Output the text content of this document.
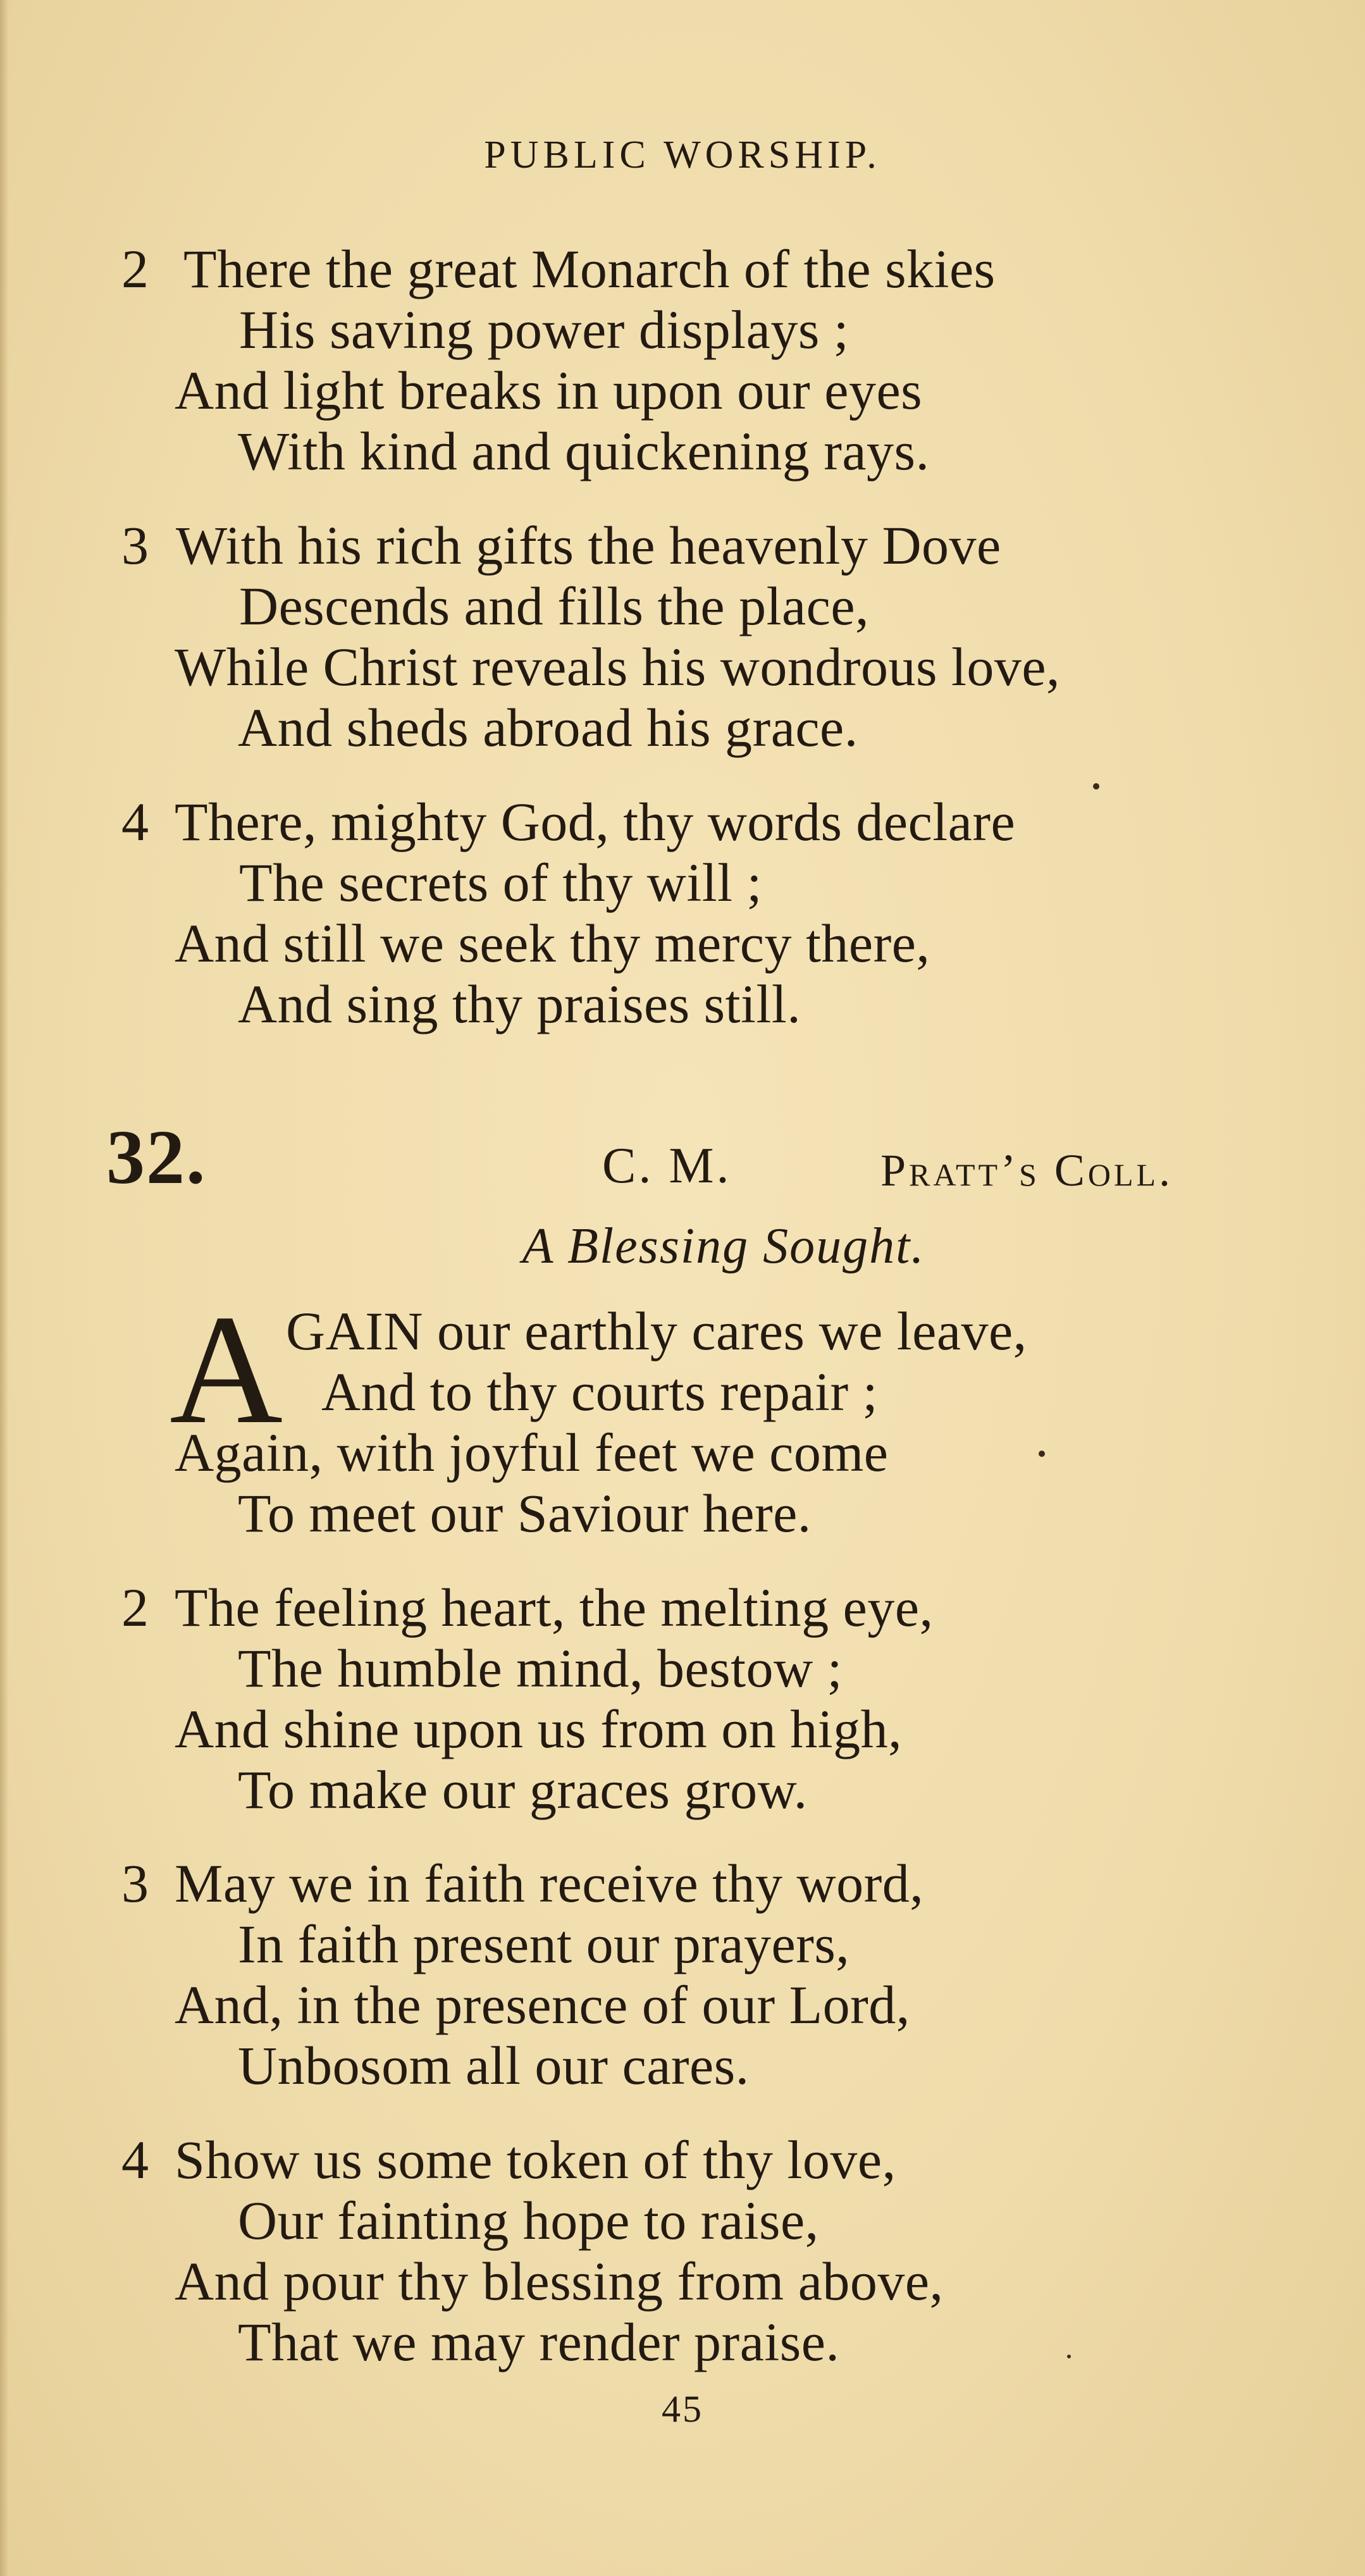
PUBLIC WORSHIP.
2 There the great Monarch of the skies
His saving power displays ;
And light breaks in upon our eyes
With kind and quickening rays.
3 With his rich gifts the heavenly Dove
Descends and fills the place,
While Christ reveals his wondrous love,
And sheds abroad his grace.
4 There, mighty God, thy words declare
The secrets of thy will ;
And still we seek thy mercy there,
And sing thy praises still.
32.	C. M.	Pratt’s Coll.
A Blessing Sought.
A GAIN our earthly cares we leave,
And to thy courts repair ;
Again, with joyful feet we come
To meet our Saviour here.
2 The feeling heart, the melting eye,
The humble mind, bestow ;
And shine upon us from on high,
To make our graces grow.
3 May we in faith receive thy word,
In faith present our prayers,
And, in the presence of our Lord,
Unbosom all our cares.
4 Show us some token of thy love,
Our fainting hope to raise,
And pour thy blessing from above,
That we may render praise.
45
